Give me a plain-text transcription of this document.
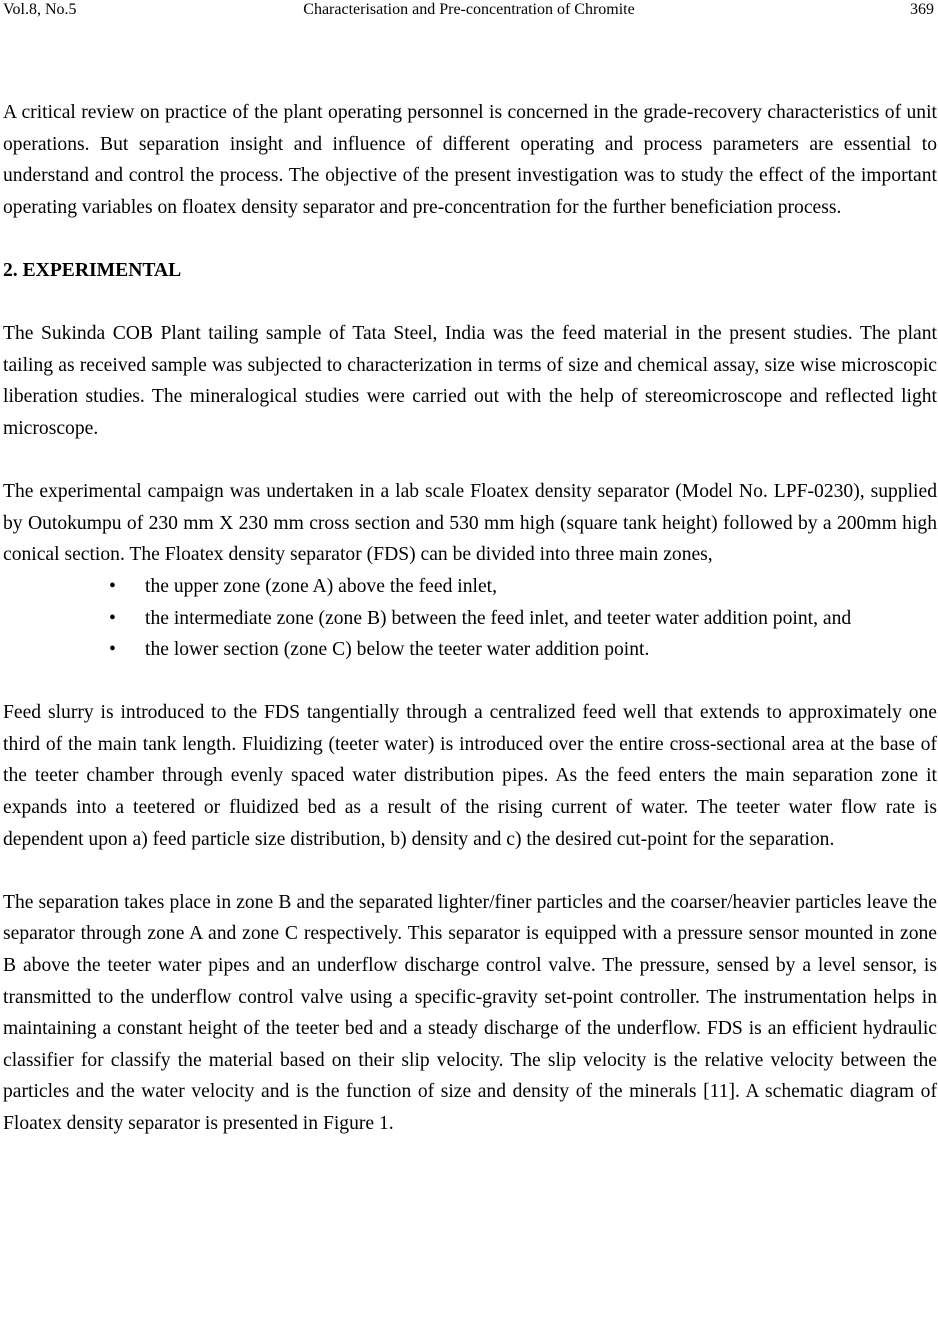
Vol.8, No.5	Characterisation and Pre-concentration of Chromite	369

A critical review on practice of the plant operating personnel is concerned in the grade-recovery characteristics of unit operations. But separation insight and influence of different operating and process parameters are essential to understand and control the process. The objective of the present investigation was to study the effect of the important operating variables on floatex density separator and pre-concentration for the further beneficiation process.

2. EXPERIMENTAL

The Sukinda COB Plant tailing sample of Tata Steel, India was the feed material in the present studies. The plant tailing as received sample was subjected to characterization in terms of size and chemical assay, size wise microscopic liberation studies. The mineralogical studies were carried out with the help of stereomicroscope and reflected light microscope.

The experimental campaign was undertaken in a lab scale Floatex density separator (Model No. LPF-0230), supplied by Outokumpu of 230 mm X 230 mm cross section and 530 mm high (square tank height) followed by a 200mm high conical section. The Floatex density separator (FDS) can be divided into three main zones,

• the upper zone (zone A) above the feed inlet,
• the intermediate zone (zone B) between the feed inlet, and teeter water addition point, and
• the lower section (zone C) below the teeter water addition point.

Feed slurry is introduced to the FDS tangentially through a centralized feed well that extends to approximately one third of the main tank length. Fluidizing (teeter water) is introduced over the entire cross-sectional area at the base of the teeter chamber through evenly spaced water distribution pipes. As the feed enters the main separation zone it expands into a teetered or fluidized bed as a result of the rising current of water. The teeter water flow rate is dependent upon a) feed particle size distribution, b) density and c) the desired cut-point for the separation.

The separation takes place in zone B and the separated lighter/finer particles and the coarser/heavier particles leave the separator through zone A and zone C respectively. This separator is equipped with a pressure sensor mounted in zone B above the teeter water pipes and an underflow discharge control valve. The pressure, sensed by a level sensor, is transmitted to the underflow control valve using a specific-gravity set-point controller. The instrumentation helps in maintaining a constant height of the teeter bed and a steady discharge of the underflow. FDS is an efficient hydraulic classifier for classify the material based on their slip velocity. The slip velocity is the relative velocity between the particles and the water velocity and is the function of size and density of the minerals [11]. A schematic diagram of Floatex density separator is presented in Figure 1.
